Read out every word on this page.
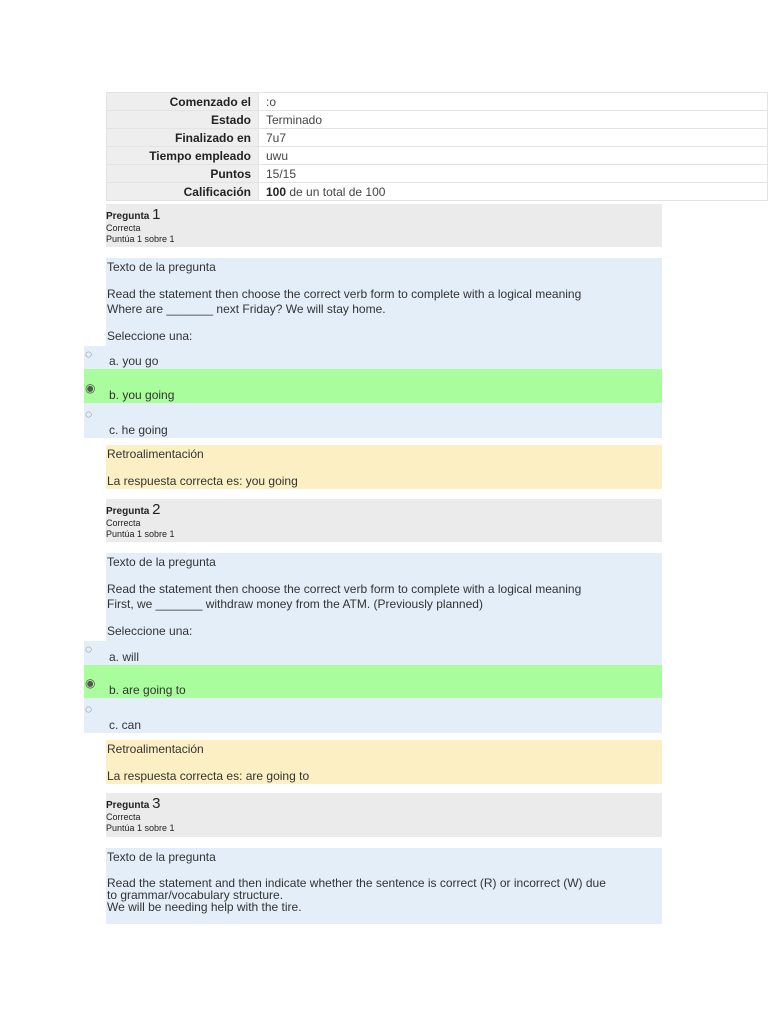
Comenzado el	:o
Estado	Terminado
Finalizado en	7u7
Tiempo empleado	uwu
Puntos	15/15
Calificación	100 de un total de 100
Pregunta 1
Correcta
Puntúa 1 sobre 1

Texto de la pregunta

Read the statement then choose the correct verb form to complete with a logical meaning

Where are _______ next Friday? We will stay home.

Seleccione una:

◌	a. you go
◉ b. you going
◌
c. he going

Retroalimentación

La respuesta correcta es: you going

Pregunta 2
Correcta
Puntúa 1 sobre 1

Texto de la pregunta

Read the statement then choose the correct verb form to complete with a logical meaning

First, we _______ withdraw money from the ATM. (Previously planned)

Seleccione una:

◌
a. will
◉ b. are going to
◌
c. can

Retroalimentación

La respuesta correcta es: are going to

Pregunta 3
Correcta
Puntúa 1 sobre 1

Texto de la pregunta

Read the statement and then indicate whether the sentence is correct (R) or incorrect (W) due

to grammar/vocabulary structure.

We will be needing help with the tire.
